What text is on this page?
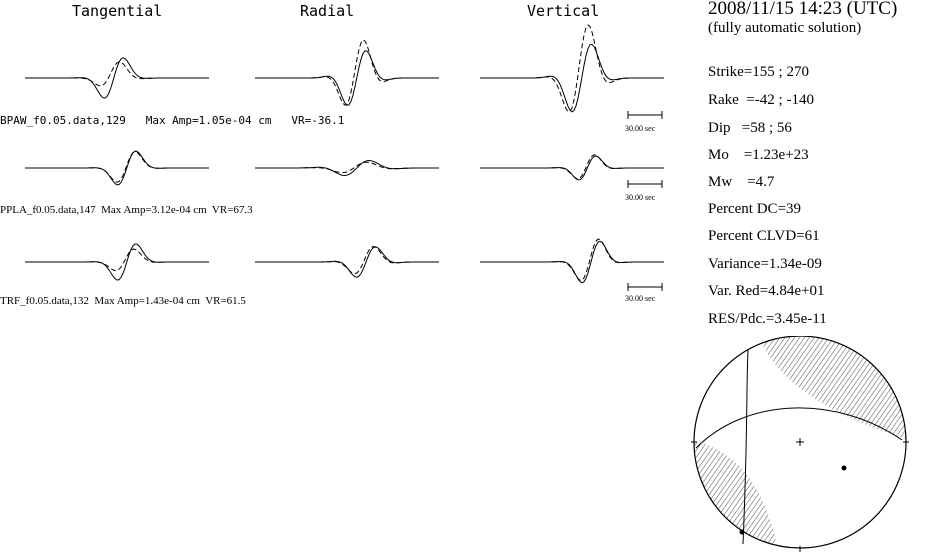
Tangential	Radial	Vertical
30.00 sec
30.00 sec
30.00 sec
BPAW_f0.05.data,129   Max Amp=1.05e-04 cm   VR=-36.1
PPLA_f0.05.data,147  Max Amp=3.12e-04 cm  VR=67.3
TRF_f0.05.data,132  Max Amp=1.43e-04 cm  VR=61.5
2008/11/15 14:23 (UTC)
(fully automatic solution)
Strike=155 ; 270
Rake  =-42 ; -140
Dip   =58 ; 56
Mo    =1.23e+23
Mw    =4.7
Percent DC=39
Percent CLVD=61
Variance=1.34e-09
Var. Red=4.84e+01
RES/Pdc.=3.45e-11
